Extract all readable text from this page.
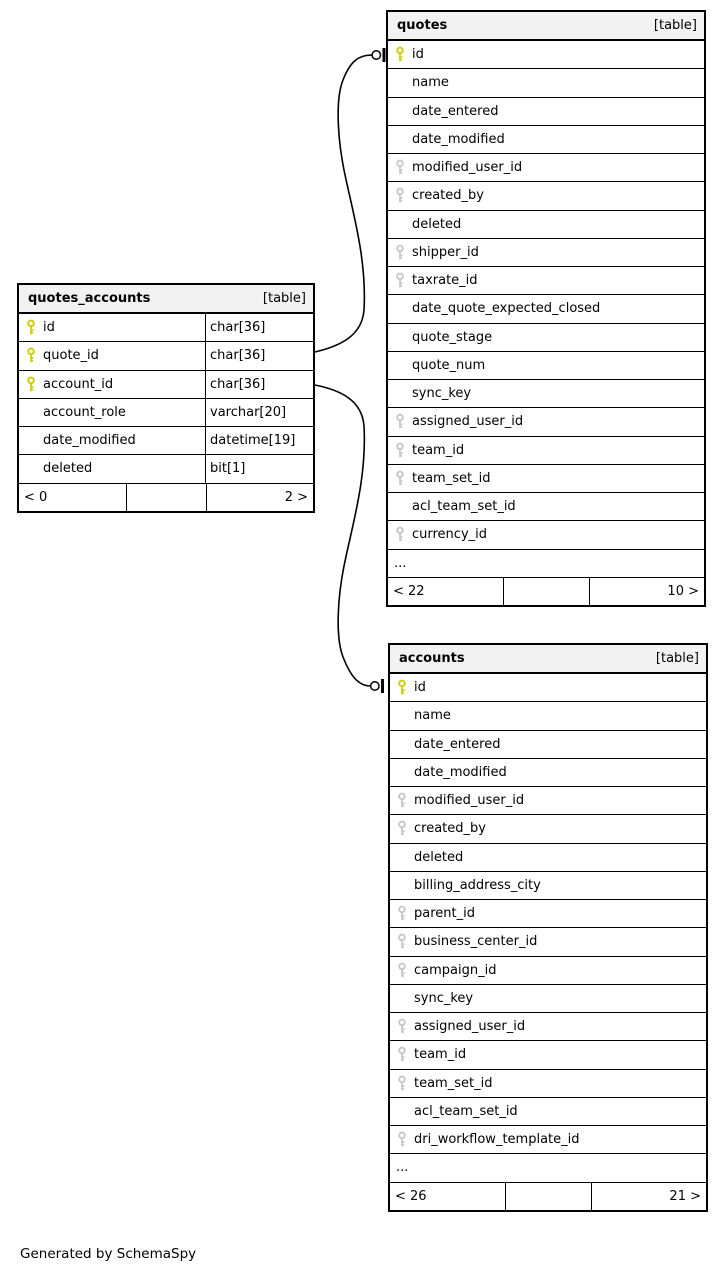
quotes_accounts	[table]
id	char[36]
quote_id	char[36]
account_id	char[36]
account_role	varchar[20]
date_modified	datetime[19]
deleted	bit[1]
< 0	2 >
quotes	[table]
id
name
date_entered
date_modified
modified_user_id
created_by
deleted
shipper_id
taxrate_id
date_quote_expected_closed
quote_stage
quote_num
sync_key
assigned_user_id
team_id
team_set_id
acl_team_set_id
currency_id
...
< 22	10 >
accounts	[table]
id
name
date_entered
date_modified
modified_user_id
created_by
deleted
billing_address_city
parent_id
business_center_id
campaign_id
sync_key
assigned_user_id
team_id
team_set_id
acl_team_set_id
dri_workflow_template_id
...
< 26	21 >
Generated by SchemaSpy
